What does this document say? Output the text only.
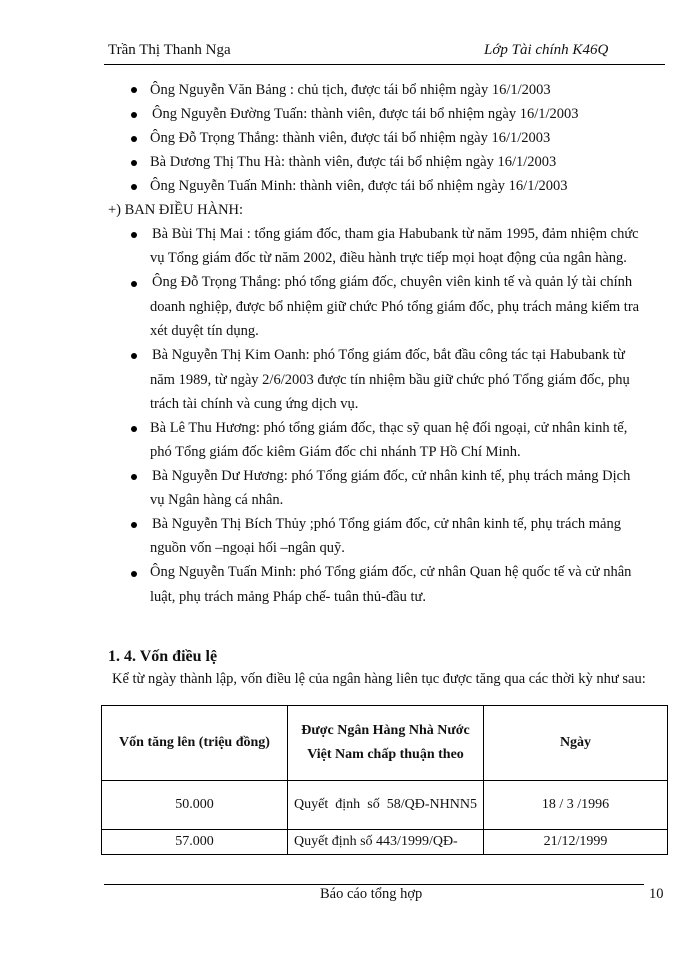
Trần Thị Thanh Nga	Lớp Tài chính K46Q
Ông Nguyễn Văn Bảng : chủ tịch, được tái bổ nhiệm ngày 16/1/2003
Ông Nguyễn Đường Tuấn: thành viên, được tái bổ nhiệm ngày 16/1/2003
Ông Đỗ Trọng Thắng: thành viên, được tái bổ nhiệm ngày 16/1/2003
Bà Dương Thị Thu Hà: thành viên, được tái bổ nhiệm ngày 16/1/2003
Ông Nguyễn Tuấn Minh: thành viên, được tái bổ nhiệm ngày 16/1/2003
+) BAN ĐIỀU HÀNH:
Bà Bùi Thị Mai : tổng giám đốc, tham gia Habubank từ năm 1995, đảm nhiệm chức
vụ Tổng giám đốc từ năm 2002, điều hành trực tiếp mọi hoạt động của ngân hàng.
Ông Đỗ Trọng Thắng: phó tổng giám đốc, chuyên viên kinh tế và quản lý tài chính
doanh nghiệp, được bổ nhiệm giữ chức Phó tổng giám đốc, phụ trách mảng kiểm tra
xét duyệt tín dụng.
Bà Nguyễn Thị Kim Oanh: phó Tổng giám đốc, bắt đầu công tác tại Habubank từ
năm 1989, từ ngày 2/6/2003 được tín nhiệm bầu giữ chức phó Tổng giám đốc, phụ
trách tài chính và cung ứng dịch vụ.
Bà Lê Thu Hương: phó tổng giám đốc, thạc sỹ quan hệ đối ngoại, cử nhân kinh tế,
phó Tổng giám đốc kiêm Giám đốc chi nhánh TP Hồ Chí Minh.
Bà Nguyễn Dư Hương: phó Tổng giám đốc, cử nhân kinh tế, phụ trách mảng Dịch
vụ Ngân hàng cá nhân.
Bà Nguyễn Thị Bích Thủy ;phó Tổng giám đốc, cử nhân kinh tế, phụ trách mảng
nguồn vốn –ngoại hối –ngân quỹ.
Ông Nguyễn Tuấn Minh: phó Tổng giám đốc, cử nhân Quan hệ quốc tế và cử nhân
luật, phụ trách mảng Pháp chế- tuân thủ-đầu tư.
1. 4. Vốn điều lệ
Kể từ ngày thành lập, vốn điều lệ của ngân hàng liên tục được tăng qua các thời kỳ như sau:
Vốn tăng lên (triệu đồng)	Được Ngân Hàng Nhà Nước Việt Nam chấp thuận theo	Ngày
50.000	Quyết định số 58/QĐ-NHNN5	18 / 3 /1996
57.000	Quyết định số 443/1999/QĐ-	21/12/1999
Báo cáo tổng hợp	10
